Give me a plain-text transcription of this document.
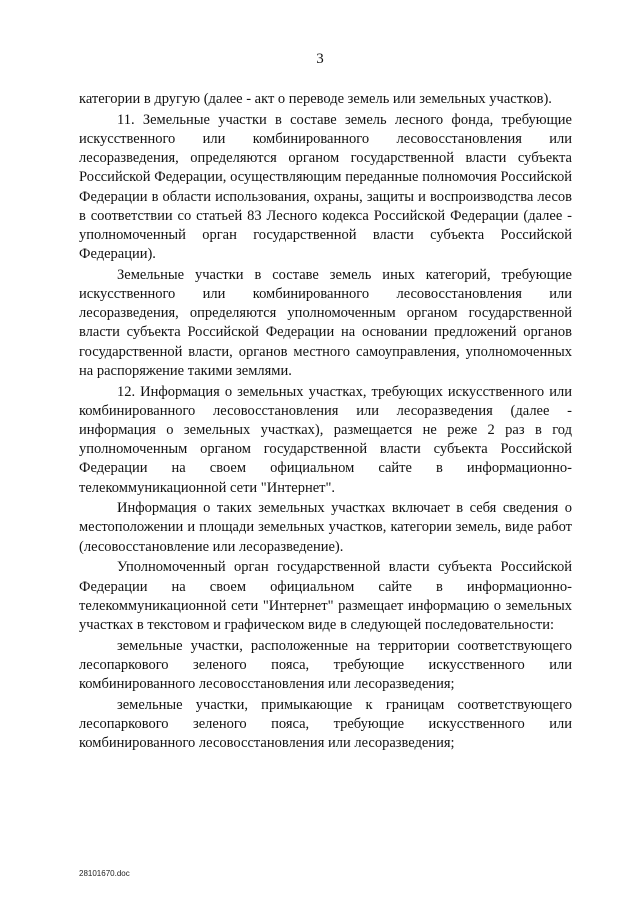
3

категории в другую (далее - акт о переводе земель или земельных участков).

11. Земельные участки в составе земель лесного фонда, требующие искусственного или комбинированного лесовосстановления или лесоразведения, определяются органом государственной власти субъекта Российской Федерации, осуществляющим переданные полномочия Российской Федерации в области использования, охраны, защиты и воспроизводства лесов в соответствии со статьей 83 Лесного кодекса Российской Федерации (далее - уполномоченный орган государственной власти субъекта Российской Федерации).

Земельные участки в составе земель иных категорий, требующие искусственного или комбинированного лесовосстановления или лесоразведения, определяются уполномоченным органом государственной власти субъекта Российской Федерации на основании предложений органов государственной власти, органов местного самоуправления, уполномоченных на распоряжение такими землями.

12. Информация о земельных участках, требующих искусственного или комбинированного лесовосстановления или лесоразведения (далее - информация о земельных участках), размещается не реже 2 раз в год уполномоченным органом государственной власти субъекта Российской Федерации на своем официальном сайте в информационно-телекоммуникационной сети "Интернет".

Информация о таких земельных участках включает в себя сведения о местоположении и площади земельных участков, категории земель, виде работ (лесовосстановление или лесоразведение).

Уполномоченный орган государственной власти субъекта Российской Федерации на своем официальном сайте в информационно-телекоммуникационной сети "Интернет" размещает информацию о земельных участках в текстовом и графическом виде в следующей последовательности:

земельные участки, расположенные на территории соответствующего лесопаркового зеленого пояса, требующие искусственного или комбинированного лесовосстановления или лесоразведения;

земельные участки, примыкающие к границам соответствующего лесопаркового зеленого пояса, требующие искусственного или комбинированного лесовосстановления или лесоразведения;

28101670.doc
